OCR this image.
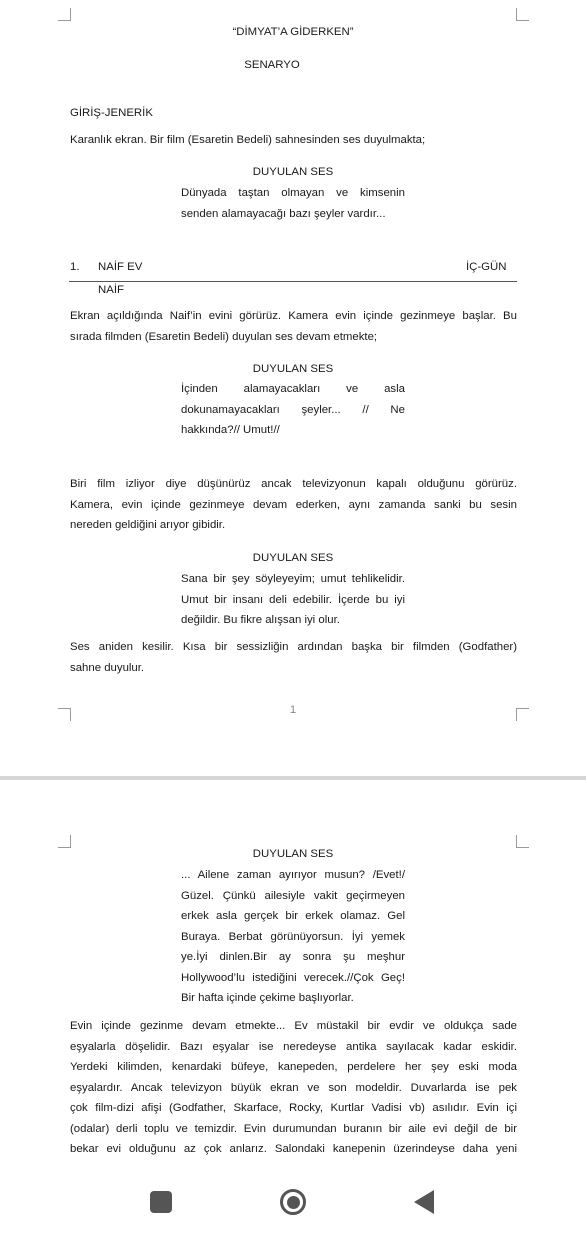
“DİMYAT’A GİDERKEN”
SENARYO
GİRİŞ-JENERİK
Karanlık ekran. Bir film (Esaretin Bedeli) sahnesinden ses duyulmakta;
DUYULAN SES
Dünyada taştan olmayan ve kimsenin
senden alamayacağı bazı şeyler vardır...
1. NAİF EV	İÇ-GÜN
NAİF
Ekran açıldığında Naif’in evini görürüz. Kamera evin içinde gezinmeye başlar. Bu
sırada filmden (Esaretin Bedeli) duyulan ses devam etmekte;
DUYULAN SES
İçinden alamayacakları ve asla
dokunamayacakları şeyler... // Ne
hakkında?// Umut!//
Biri film izliyor diye düşünürüz ancak televizyonun kapalı olduğunu görürüz.
Kamera, evin içinde gezinmeye devam ederken, aynı zamanda sanki bu sesin
nereden geldiğini arıyor gibidir.
DUYULAN SES
Sana bir şey söyleyeyim; umut tehlikelidir.
Umut bir insanı deli edebilir. İçerde bu iyi
değildir. Bu fikre alışsan iyi olur.
Ses aniden kesilir. Kısa bir sessizliğin ardından başka bir filmden (Godfather)
sahne duyulur.
1
DUYULAN SES
... Ailene zaman ayırıyor musun? /Evet!/
Güzel. Çünkü ailesiyle vakit geçirmeyen
erkek asla gerçek bir erkek olamaz. Gel
Buraya. Berbat görünüyorsun. İyi yemek
ye.İyi dinlen.Bir ay sonra şu meşhur
Hollywood’lu istediğini verecek.//Çok Geç!
Bir hafta içinde çekime başlıyorlar.
Evin içinde gezinme devam etmekte... Ev müstakil bir evdir ve oldukça sade
eşyalarla döşelidir. Bazı eşyalar ise neredeyse antika sayılacak kadar eskidir.
Yerdeki kilimden, kenardaki büfeye, kanepeden, perdelere her şey eski moda
eşyalardır. Ancak televizyon büyük ekran ve son modeldir. Duvarlarda ise pek
çok film-dizi afişi (Godfather, Skarface, Rocky, Kurtlar Vadisi vb) asılıdır. Evin içi
(odalar) derli toplu ve temizdir. Evin durumundan buranın bir aile evi değil de bir
bekar evi olduğunu az çok anlarız. Salondaki kanepenin üzerindeyse daha yeni
